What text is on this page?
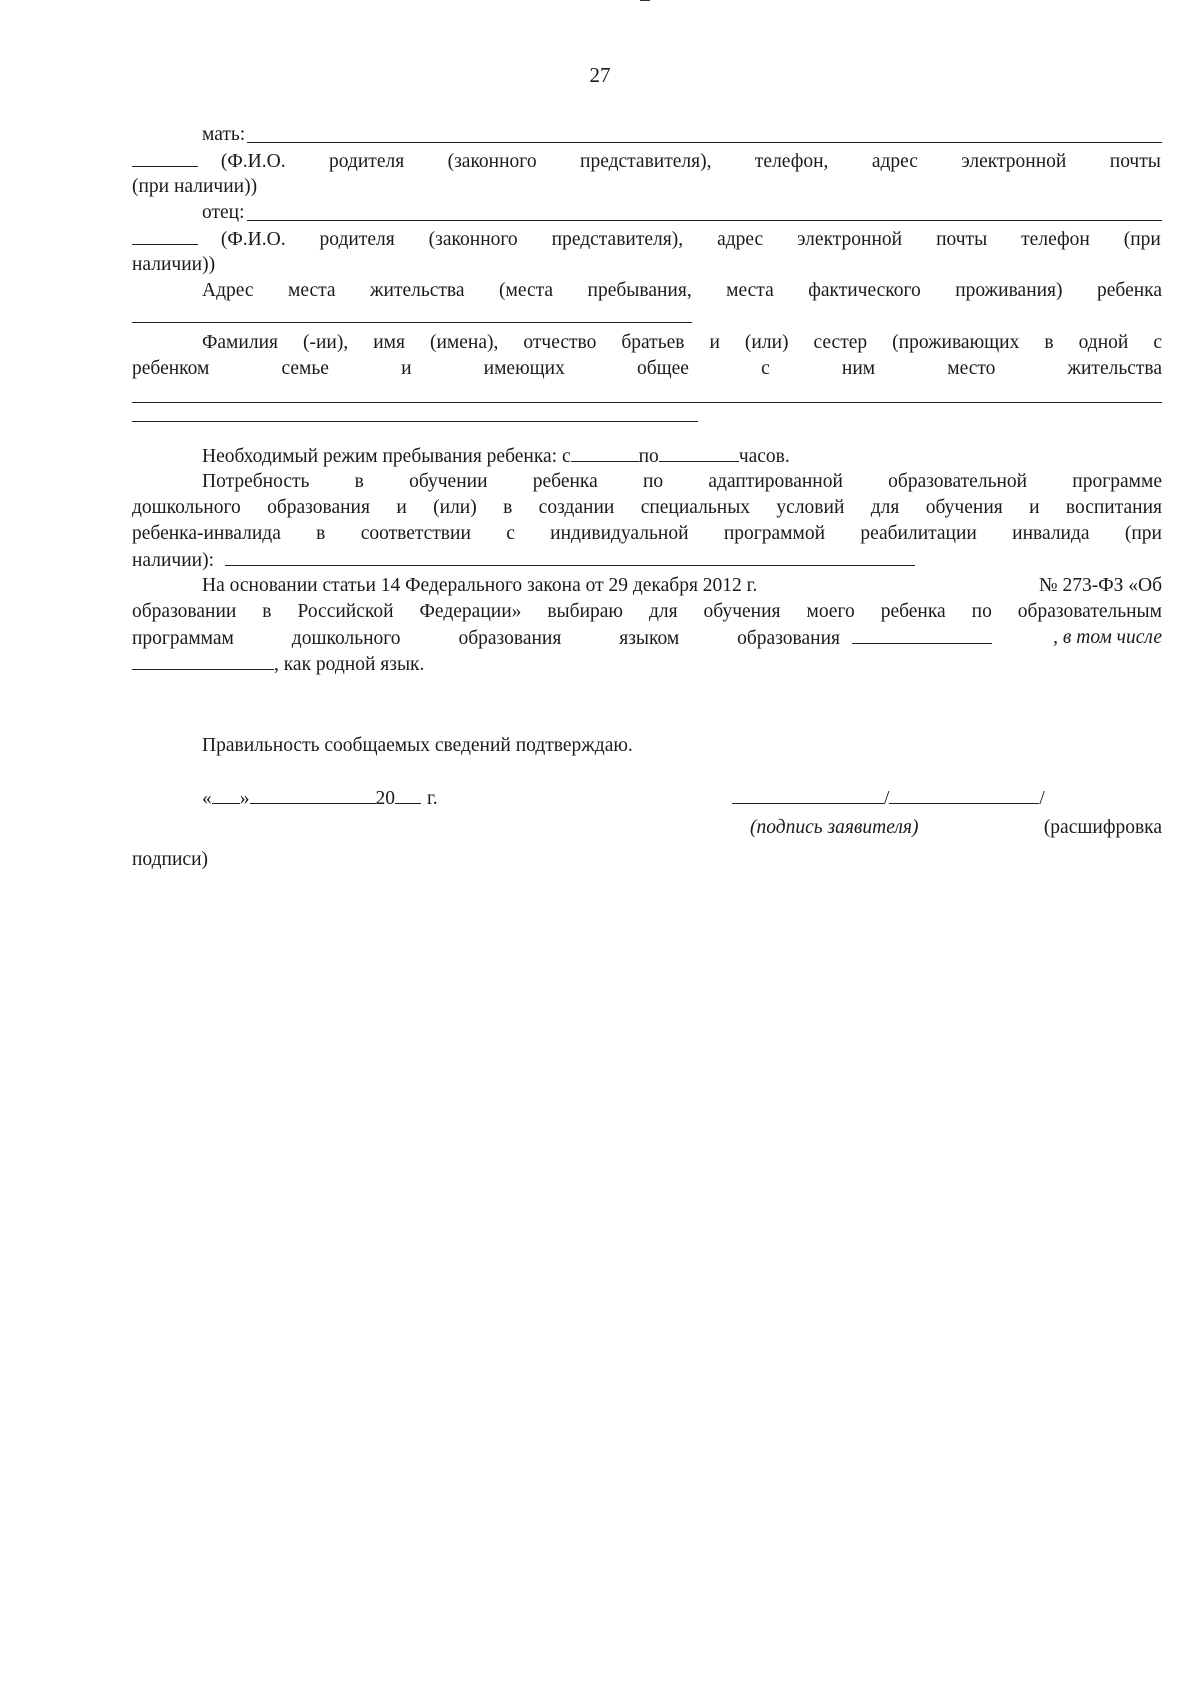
27
мать:
(Ф.И.О. родителя (законного представителя), телефон, адрес электронной почты
(при наличии))
отец:
(Ф.И.О. родителя (законного представителя), адрес электронной почты телефон (при
наличии))
Адрес места жительства (места пребывания, места фактического проживания) ребенка
Фамилия (-ии), имя (имена), отчество братьев и (или) сестер (проживающих в одной с
ребенком семье и имеющих общее с ним место жительства
Необходимый режим пребывания ребенка: с	по	часов.
Потребность в обучении ребенка по адаптированной образовательной программе
дошкольного образования и (или) в создании специальных условий для обучения и воспитания
ребенка-инвалида в соответствии с индивидуальной программой реабилитации инвалида (при
наличии):
На основании статьи 14 Федерального закона от 29 декабря 2012 г.	№ 273-ФЗ «Об
образовании в Российской Федерации» выбираю для обучения моего ребенка по образовательным
программам дошкольного образования языком образования	, в том числе
, как родной язык.
Правильность сообщаемых сведений подтверждаю.
« »	20 г.	/	/
(подпись заявителя)	(расшифровка
подписи)
